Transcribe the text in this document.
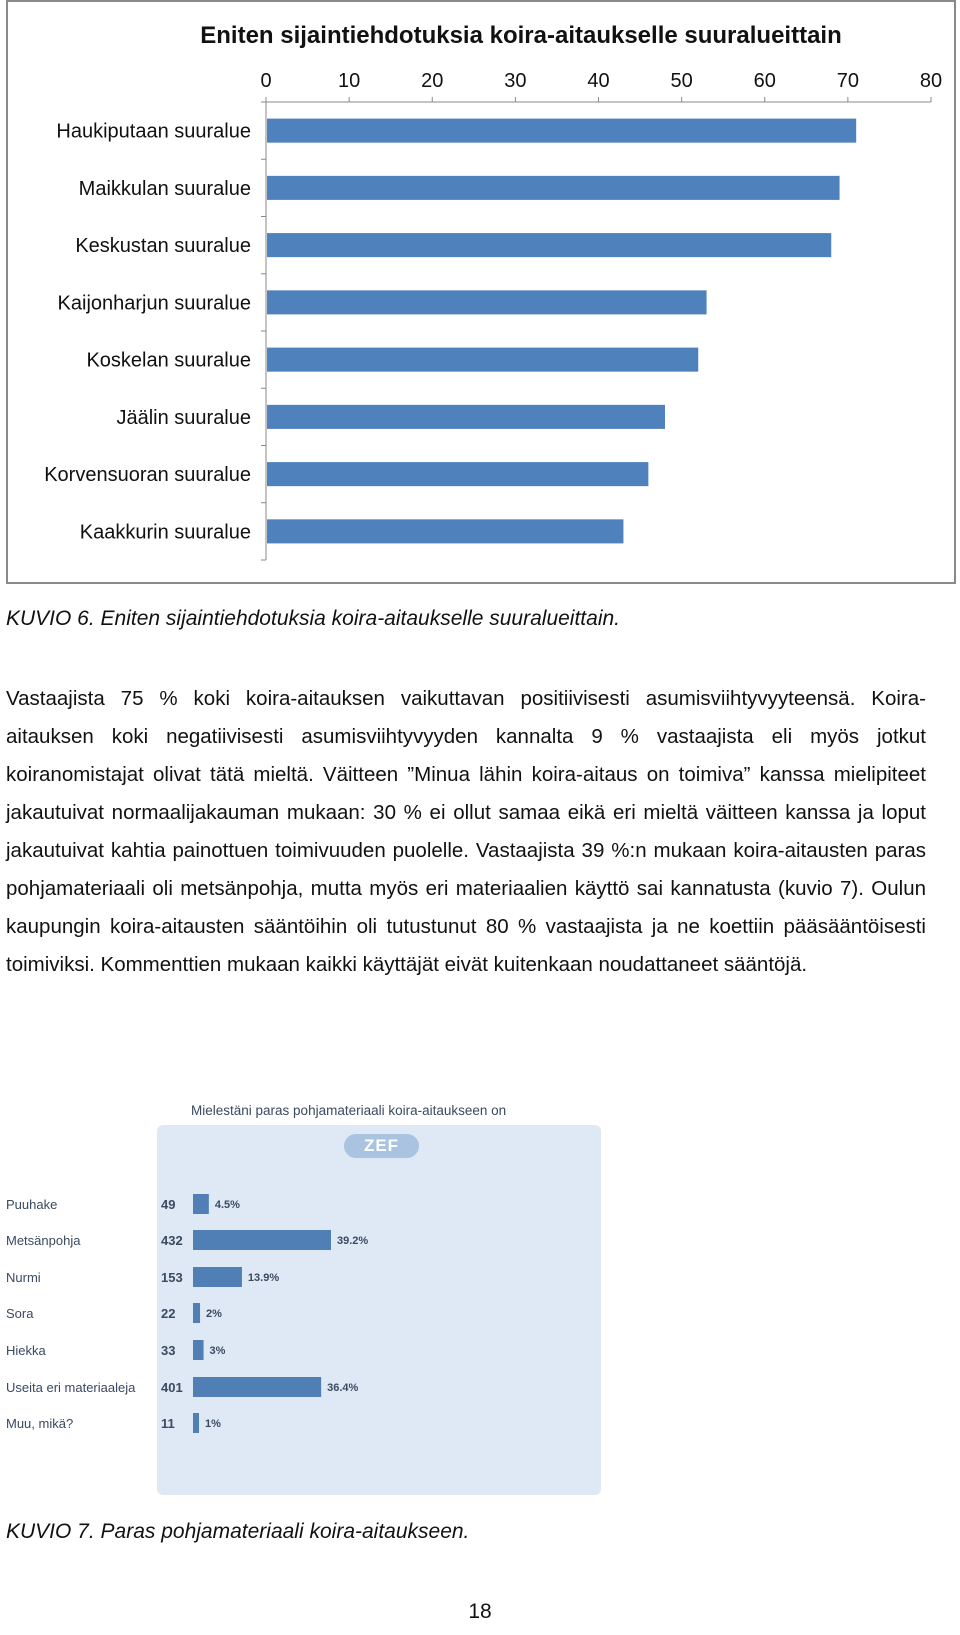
Eniten sijaintiehdotuksia koira-aitaukselle suuralueittain
0	10	20	30	40	50	60	70	80
Haukiputaan suuralue
Maikkulan suuralue
Keskustan suuralue
Kaijonharjun suuralue
Koskelan suuralue
Jäälin suuralue
Korvensuoran suuralue
Kaakkurin suuralue
KUVIO 6. Eniten sijaintiehdotuksia koira-aitaukselle suuralueittain.

Vastaajista 75 % koki koira-aitauksen vaikuttavan positiivisesti asumisviihtyvyyteensä. Koira-aitauksen koki negatiivisesti asumisviihtyvyyden kannalta 9 % vastaajista eli myös jotkut koiranomistajat olivat tätä mieltä. Väitteen ”Minua lähin koira-aitaus on toimiva” kanssa mielipiteet jakautuivat normaalijakauman mukaan: 30 % ei ollut samaa eikä eri mieltä väitteen kanssa ja loput jakautuivat kahtia painottuen toimivuuden puolelle. Vastaajista 39 %:n mukaan koira-aitausten paras pohjamateriaali oli metsänpohja, mutta myös eri materiaalien käyttö sai kannatusta (kuvio 7). Oulun kaupungin koira-aitausten sääntöihin oli tutustunut 80 % vastaajista ja ne koettiin pääsääntöisesti toimiviksi. Kommenttien mukaan kaikki käyttäjät eivät kuitenkaan noudattaneet sääntöjä.

Mielestäni paras pohjamateriaali koira-aitaukseen on
ZEF
Puuhake	49	4.5%
Metsänpohja	432	39.2%
Nurmi	153	13.9%
Sora	22	2%
Hiekka	33	3%
Useita eri materiaaleja 401	36.4%
Muu, mikä?	11	1%
KUVIO 7. Paras pohjamateriaali koira-aitaukseen.
18
